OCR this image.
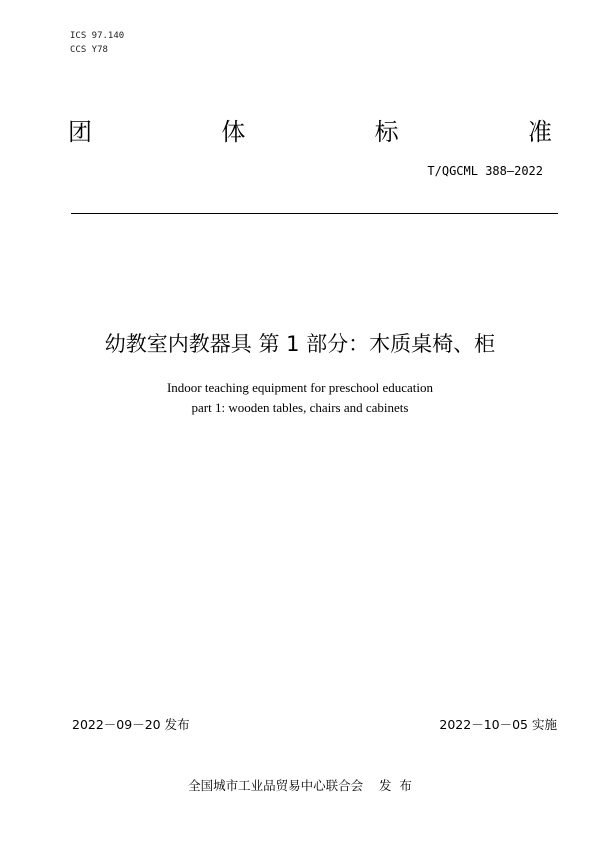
ICS 97.140
CCS Y78
团	体	标	准
T/QGCML 388—2022
幼教室内教器具 第 1 部分：木质桌椅、柜
Indoor teaching equipment for preschool education
part 1: wooden tables, chairs and cabinets
2022－09－20 发布	2022－10－05 实施
全国城市工业品贸易中心联合会    发  布
